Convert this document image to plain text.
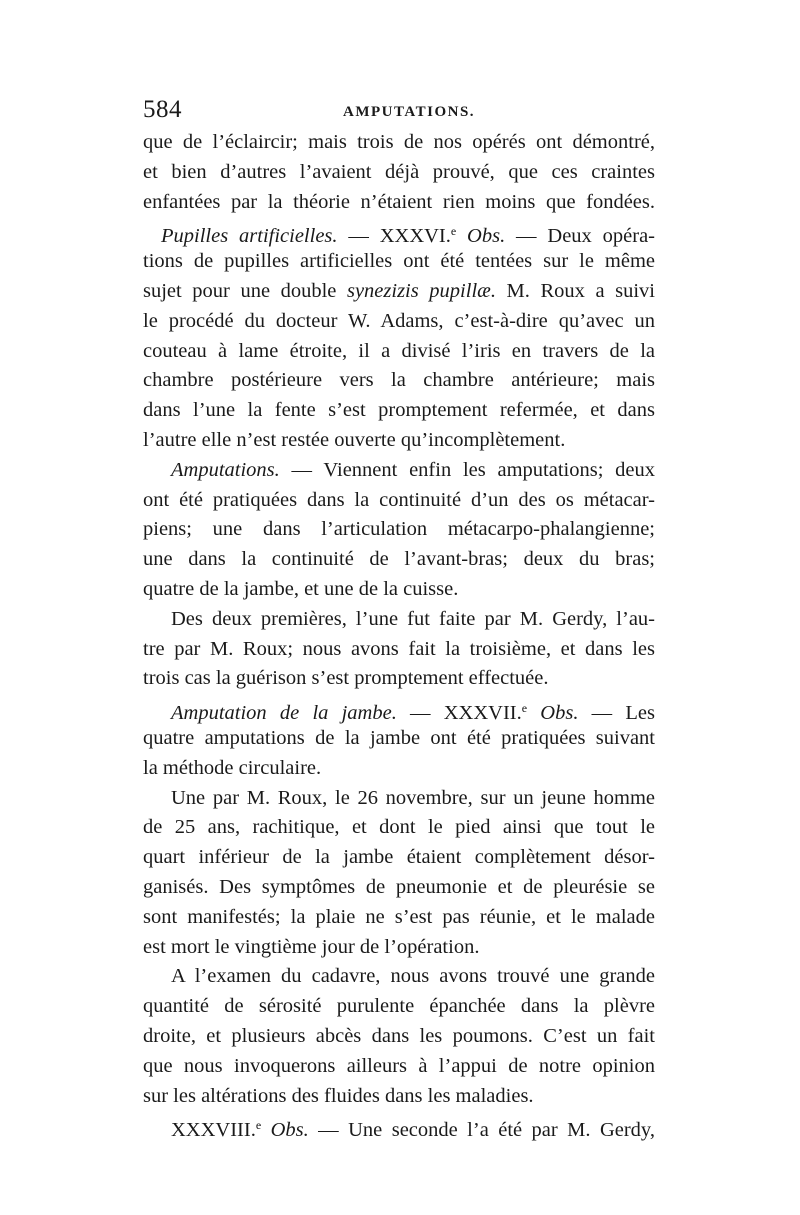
584	AMPUTATIONS.
que de l’éclaircir; mais trois de nos opérés ont démontré,
et bien d’autres l’avaient déjà prouvé, que ces craintes
enfantées par la théorie n’étaient rien moins que fondées.
Pupilles artificielles. — XXXVI.$^e$ Obs. — Deux opéra-
tions de pupilles artificielles ont été tentées sur le même
sujet pour une double synezizis pupillæ. M. Roux a suivi
le procédé du docteur W. Adams, c’est-à-dire qu’avec un
couteau à lame étroite, il a divisé l’iris en travers de la
chambre postérieure vers la chambre antérieure; mais
dans l’une la fente s’est promptement refermée, et dans
l’autre elle n’est restée ouverte qu’incomplètement.
Amputations. — Viennent enfin les amputations; deux
ont été pratiquées dans la continuité d’un des os métacar-
piens; une dans l’articulation métacarpo-phalangienne;
une dans la continuité de l’avant-bras; deux du bras;
quatre de la jambe, et une de la cuisse.
Des deux premières, l’une fut faite par M. Gerdy, l’au-
tre par M. Roux; nous avons fait la troisième, et dans les
trois cas la guérison s’est promptement effectuée.
Amputation de la jambe. — XXXVII.$^e$ Obs. — Les
quatre amputations de la jambe ont été pratiquées suivant
la méthode circulaire.
Une par M. Roux, le 26 novembre, sur un jeune homme
de 25 ans, rachitique, et dont le pied ainsi que tout le
quart inférieur de la jambe étaient complètement désor-
ganisés. Des symptômes de pneumonie et de pleurésie se
sont manifestés; la plaie ne s’est pas réunie, et le malade
est mort le vingtième jour de l’opération.
A l’examen du cadavre, nous avons trouvé une grande
quantité de sérosité purulente épanchée dans la plèvre
droite, et plusieurs abcès dans les poumons. C’est un fait
que nous invoquerons ailleurs à l’appui de notre opinion
sur les altérations des fluides dans les maladies.
XXXVIII.$^e$ Obs. — Une seconde l’a été par M. Gerdy,
